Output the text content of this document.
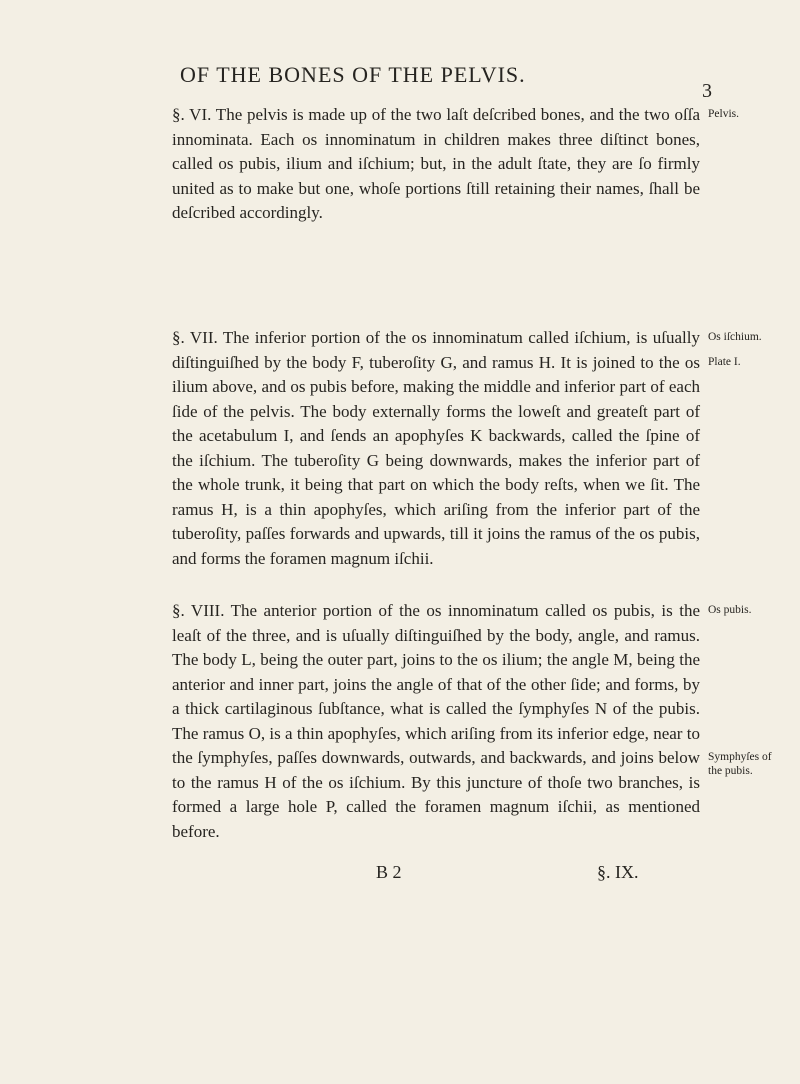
OF THE BONES OF THE PELVIS.
3

§. VI. The pelvis is made up of the two laſt deſcribed bones, and the two oſſa innominata. Each os innominatum in children makes three diſtinct bones, called os pubis, ilium and iſchium; but, in the adult ſtate, they are ſo firmly united as to make but one, whoſe portions ſtill retaining their names, ſhall be deſcribed accordingly.

§. VII. The inferior portion of the os innominatum called iſchium, is uſually diſtinguiſhed by the body F, tuberoſity G, and ramus H. It is joined to the os ilium above, and os pubis before, making the middle and inferior part of each ſide of the pelvis. The body externally forms the loweſt and greateſt part of the acetabulum I, and ſends an apophyſes K backwards, called the ſpine of the iſchium. The tuberoſity G being downwards, makes the inferior part of the whole trunk, it being that part on which the body reſts, when we ſit. The ramus H, is a thin apophyſes, which ariſing from the inferior part of the tuberoſity, paſſes forwards and upwards, till it joins the ramus of the os pubis, and forms the foramen magnum iſchii.

§. VIII. The anterior portion of the os innominatum called os pubis, is the leaſt of the three, and is uſually diſtinguiſhed by the body, angle, and ramus. The body L, being the outer part, joins to the os ilium; the angle M, being the anterior and inner part, joins the angle of that of the other ſide; and forms, by a thick cartilaginous ſubſtance, what is called the ſymphyſes N of the pubis. The ramus O, is a thin apophyſes, which ariſing from its inferior edge, near to the ſymphyſes, paſſes downwards, outwards, and backwards, and joins below to the ramus H of the os iſchium. By this juncture of thoſe two branches, is formed a large hole P, called the foramen magnum iſchii, as mentioned before.

Pelvis.
Os iſchium.
Plate I.
Os pubis.
Symphyſes of
the pubis.
B 2	§. IX.
